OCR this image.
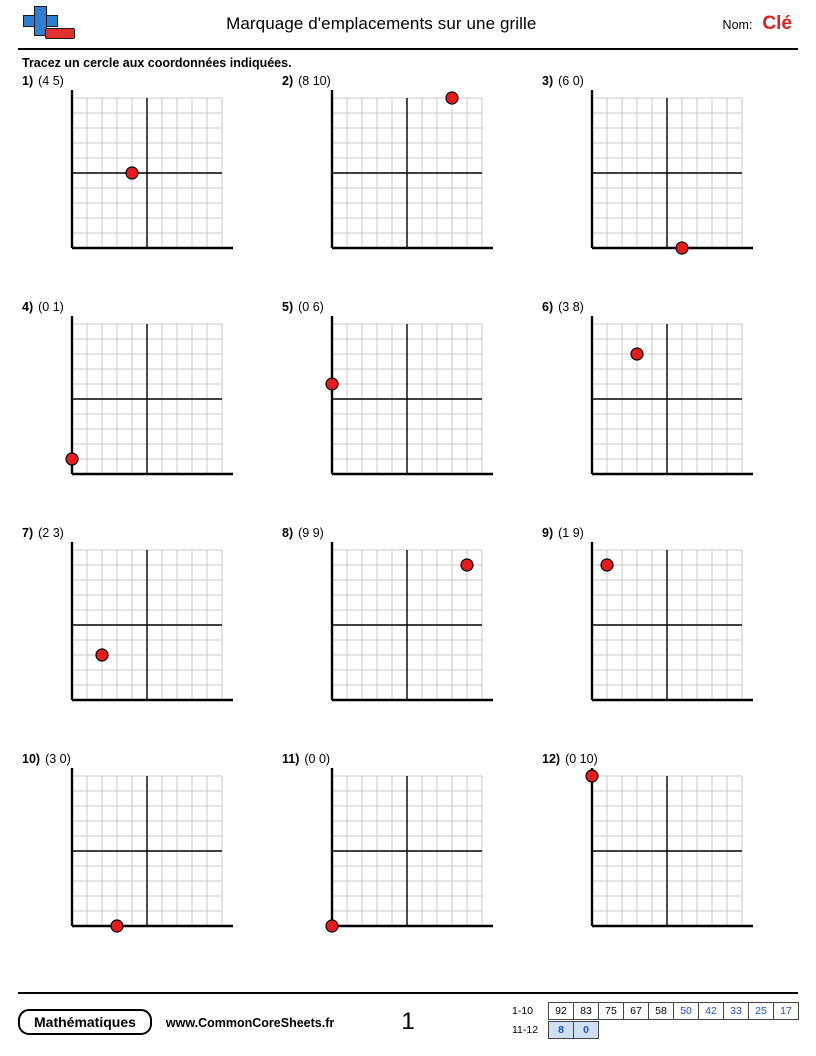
Marquage d'emplacements sur une grille	Nom: Clé
Tracez un cercle aux coordonnées indiquées.
1) (4 5)	2) (8 10)	3) (6 0)
4) (0 1)	5) (0 6)	6) (3 8)
7) (2 3)	8) (9 9)	9) (1 9)
10) (3 0)	11) (0 0)	12) (0 10)
Mathématiques	www.CommonCoreSheets.fr	1	1-10	92	83	75	67	58	50	42	33	25	17
11-12	8	0
